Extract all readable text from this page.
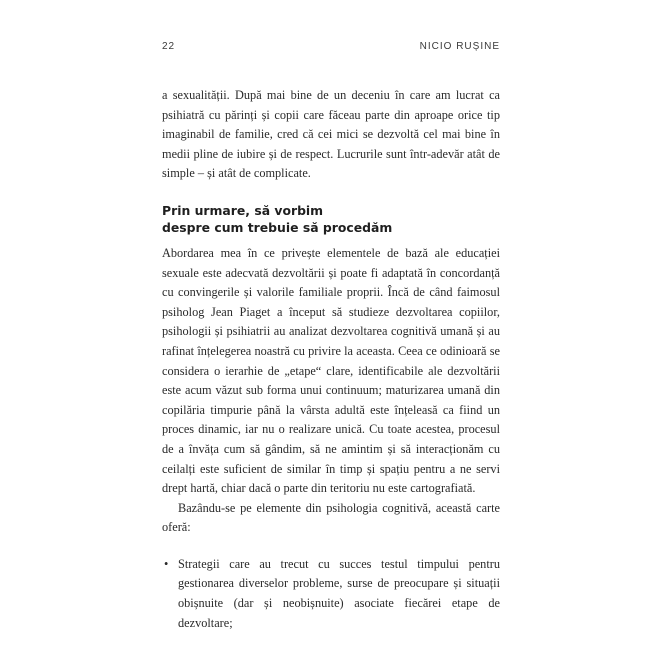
22	NICIO RUȘINE

a sexualității. După mai bine de un deceniu în care am lucrat ca psihiatră cu părinți și copii care făceau parte din aproape orice tip imaginabil de familie, cred că cei mici se dezvoltă cel mai bine în medii pline de iubire și de respect. Lucrurile sunt într-adevăr atât de simple – și atât de complicate.

Prin urmare, să vorbim
despre cum trebuie să procedăm

Abordarea mea în ce privește elementele de bază ale educației sexuale este adecvată dezvoltării și poate fi adaptată în concordanță cu convingerile și valorile familiale proprii. Încă de când faimosul psiholog Jean Piaget a început să studieze dezvoltarea copiilor, psihologii și psihiatrii au analizat dezvoltarea cognitivă umană și au rafinat înțelegerea noastră cu privire la aceasta. Ceea ce odinioară se considera o ierarhie de „etape“ clare, identificabile ale dezvoltării este acum văzut sub forma unui continuum; maturizarea umană din copilăria timpurie până la vârsta adultă este înțeleasă ca fiind un proces dinamic, iar nu o realizare unică. Cu toate acestea, procesul de a învăța cum să gândim, să ne amintim și să interacționăm cu ceilalți este suficient de similar în timp și spațiu pentru a ne servi drept hartă, chiar dacă o parte din teritoriu nu este cartografiată.

Bazându-se pe elemente din psihologia cognitivă, această carte oferă:

• Strategii care au trecut cu succes testul timpului pentru gestionarea diverselor probleme, surse de preocupare și situații obișnuite (dar și neobișnuite) asociate fiecărei etape de dezvoltare;
